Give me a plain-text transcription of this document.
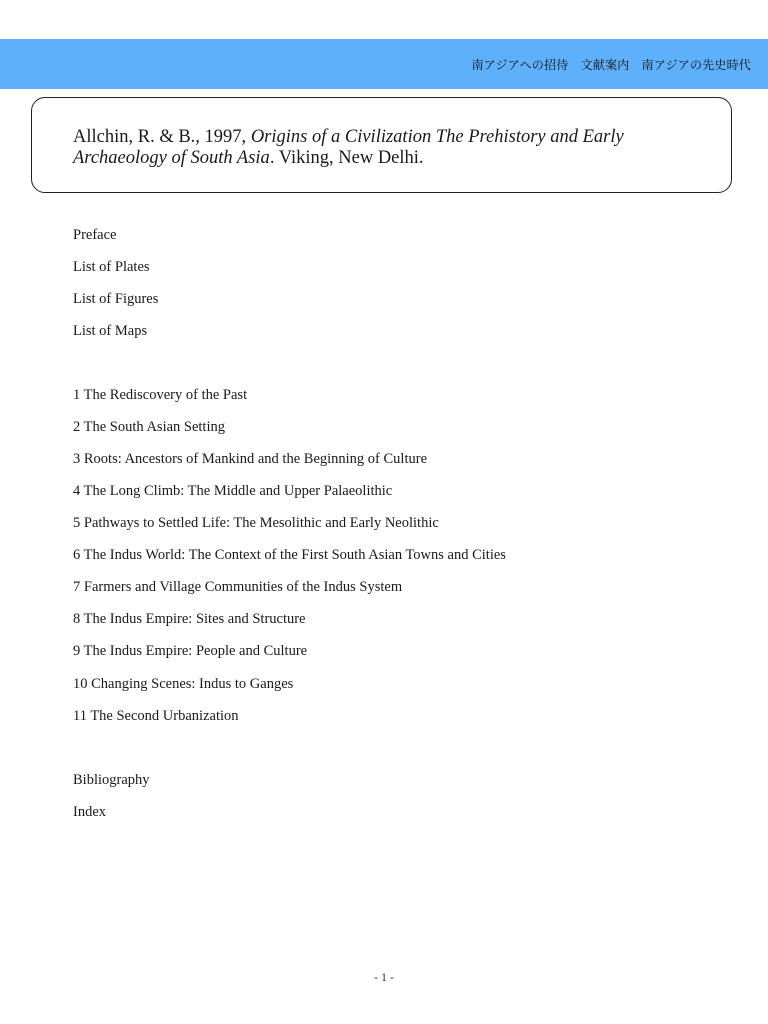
南アジアへの招待　文献案内　南アジアの先史時代
Allchin, R. & B., 1997, Origins of a Civilization The Prehistory and Early Archaeology of South Asia. Viking, New Delhi.
Preface
List of Plates
List of Figures
List of Maps
1 The Rediscovery of the Past
2 The South Asian Setting
3 Roots: Ancestors of Mankind and the Beginning of Culture
4 The Long Climb: The Middle and Upper Palaeolithic
5 Pathways to Settled Life: The Mesolithic and Early Neolithic
6 The Indus World: The Context of the First South Asian Towns and Cities
7 Farmers and Village Communities of the Indus System
8 The Indus Empire: Sites and Structure
9 The Indus Empire: People and Culture
10 Changing Scenes: Indus to Ganges
11 The Second Urbanization
Bibliography
Index
- 1 -
